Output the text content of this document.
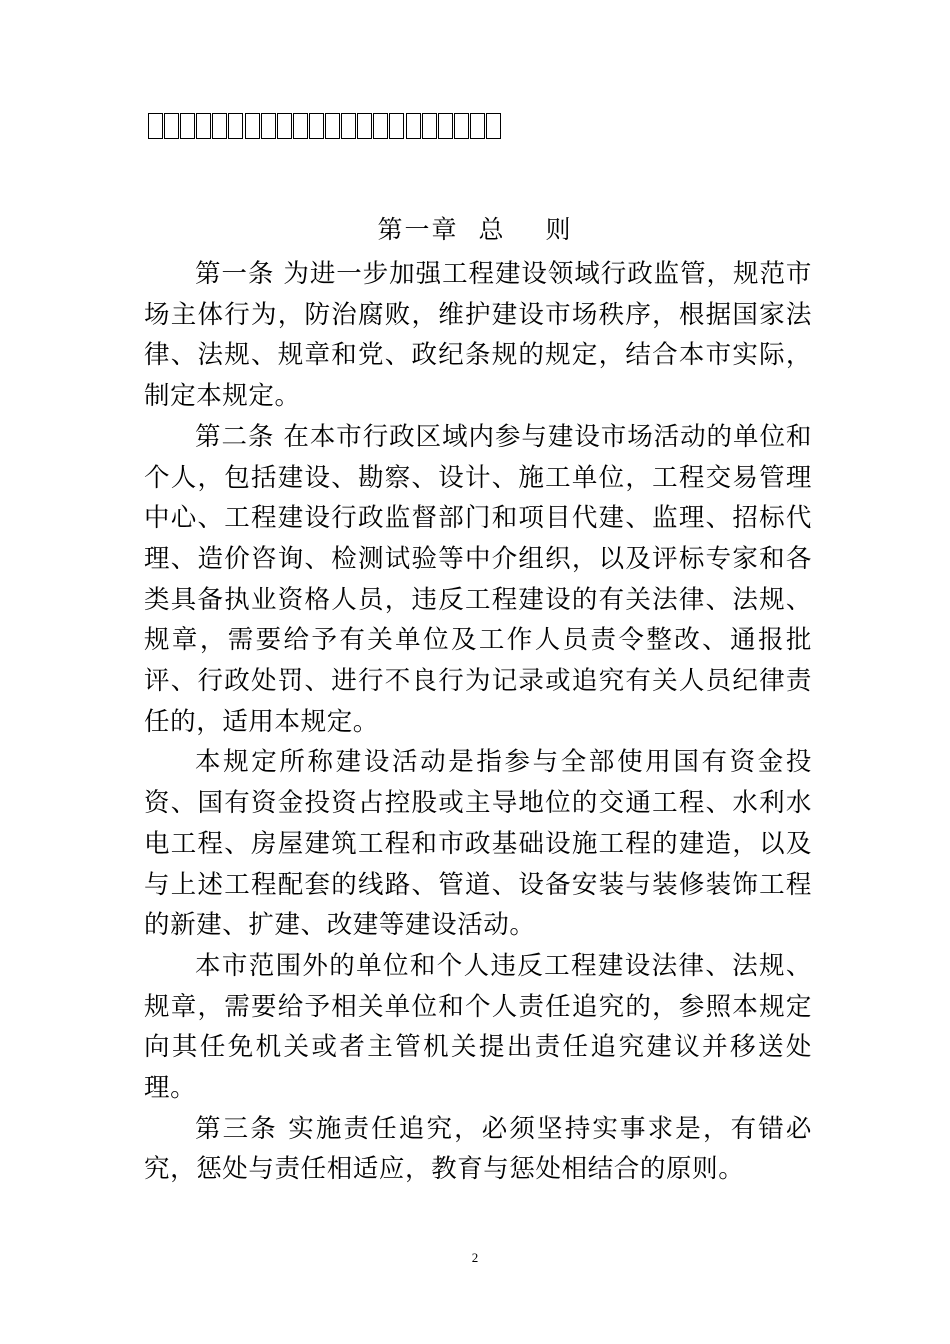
第一章 总 则

第一条 为进一步加强工程建设领域行政监管，规范市场主体行为，防治腐败，维护建设市场秩序，根据国家法律、法规、规章和党、政纪条规的规定，结合本市实际，制定本规定。

第二条 在本市行政区域内参与建设市场活动的单位和个人，包括建设、勘察、设计、施工单位，工程交易管理中心、工程建设行政监督部门和项目代建、监理、招标代理、造价咨询、检测试验等中介组织，以及评标专家和各类具备执业资格人员，违反工程建设的有关法律、法规、规章，需要给予有关单位及工作人员责令整改、通报批评、行政处罚、进行不良行为记录或追究有关人员纪律责任的，适用本规定。

本规定所称建设活动是指参与全部使用国有资金投资、国有资金投资占控股或主导地位的交通工程、水利水电工程、房屋建筑工程和市政基础设施工程的建造，以及与上述工程配套的线路、管道、设备安装与装修装饰工程的新建、扩建、改建等建设活动。

本市范围外的单位和个人违反工程建设法律、法规、规章，需要给予相关单位和个人责任追究的，参照本规定向其任免机关或者主管机关提出责任追究建议并移送处理。

第三条 实施责任追究，必须坚持实事求是，有错必究，惩处与责任相适应，教育与惩处相结合的原则。

2
